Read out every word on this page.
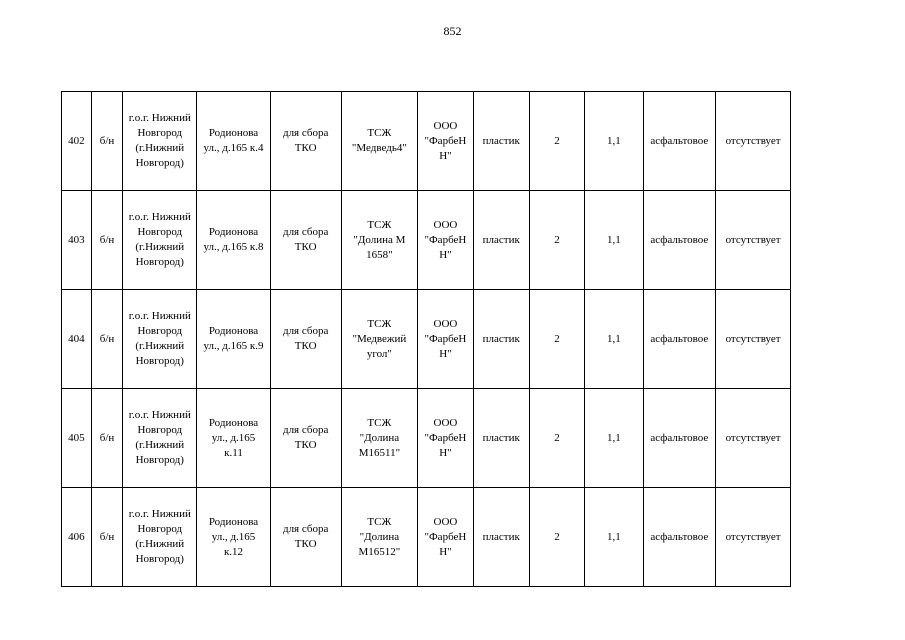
852
402	б/н	г.о.г. Нижний Новгород (г.Нижний Новгород)	Родионова ул., д.165 к.4	для сбора ТКО	ТСЖ "Медведь4"	ООО "ФарбеН Н"	пластик	2	1,1	асфальтовое	отсутствует
403	б/н	г.о.г. Нижний Новгород (г.Нижний Новгород)	Родионова ул., д.165 к.8	для сбора ТКО	ТСЖ "Долина М 1658"	ООО "ФарбеН Н"	пластик	2	1,1	асфальтовое	отсутствует
404	б/н	г.о.г. Нижний Новгород (г.Нижний Новгород)	Родионова ул., д.165 к.9	для сбора ТКО	ТСЖ "Медвежий угол"	ООО "ФарбеН Н"	пластик	2	1,1	асфальтовое	отсутствует
405	б/н	г.о.г. Нижний Новгород (г.Нижний Новгород)	Родионова ул., д.165 к.11	для сбора ТКО	ТСЖ "Долина М16511"	ООО "ФарбеН Н"	пластик	2	1,1	асфальтовое	отсутствует
406	б/н	г.о.г. Нижний Новгород (г.Нижний Новгород)	Родионова ул., д.165 к.12	для сбора ТКО	ТСЖ "Долина М16512"	ООО "ФарбеН Н"	пластик	2	1,1	асфальтовое	отсутствует
